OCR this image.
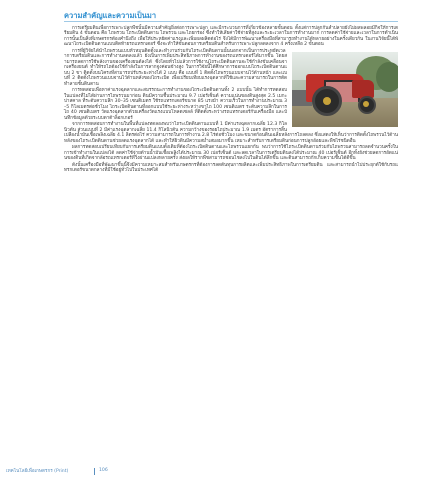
ความสำคัญและความเป็นมา

การเตรียมดินเพื่อการเพาะปลูกพืชนั้นมีความสำคัญยิ่งต่อการเพาะปลูก และมีกระบวนการที่เกี่ยวข้องหลายขั้นตอน ตั้งแต่การปลูกกันลำปลายยังไม่ผลพลอยมีกิจให้การเตรียมดิน 4 ขั้นตอน คือ ไถพรวน ไถระเบิดดินดาน ไถพรวน และไถยกร่อง ซึ่งทำให้เสียค่าใช้จ่ายที่สูงและระยะเวลาในการทำงานมาก การลดค่าใช้จ่ายและเวลาในการดำเนินการนั้นเป็นสิ่งที่เกษตรกรต้องคำนึงถึง เพื่อให้ประหยัดค่าแรงและเพิ่มผลผลิตต่อไร่ จึงได้มีการพัฒนาเครื่องมือที่สามารถทำงานได้หลายอย่างในครั้งเดียวกัน ในงานวิจัยนี้ได้พัฒนาไถระเบิดดินดานแบบติดท้ายรถแทรกเตอร์ ซึ่งจะทำให้ขั้นตอนการเตรียมดินสำหรับการเพาะปลูกลดลงจาก 4 ครั้งเหลือ 2 ขั้นตอน

การที่ผู้วิจัยได้นำไถพรวนแบบหัวหมุนติดตั้งและทำงานร่วมกับไถระเบิดดินดานนั้นนอกจากเป็นการประหยัดเวลาการเตรียมดินและการทำงานลดลงแล้ว ยังเป็นการเพิ่มประสิทธิภาพการทำงานของรถแทรกเตอร์ได้มากขึ้น โดยสามารถลดการใช้พลังงานของเครื่องยนต์ลงได้ ซึ่งโดยทั่วไปแล้วการใช้งานไถระเบิดดินดานจะใช้กำลังขับเคลื่อนจากเครื่องยนต์ ทำให้รถไถต้องใช้กำลังในการลากจูงค่อนข้างสูง ในการวิจัยนี้ได้ศึกษาการออกแบบไถระเบิดดินดานแบบ 2 ขา ติดตั้งบนโครงที่สามารถปรับระยะห่างได้ 2 แบบ คือ แบบที่ 1 ติดตั้งไถพรวนแบบจานไว้ด้านหน้า และแบบที่ 2 ติดตั้งไถพรวนแบบจานไว้ด้านหลังของไถระเบิด เพื่อเปรียบเทียบแรงฉุดลากที่ใช้และความสามารถในการตัดทำลายชั้นดินดาน

การทดสอบเพื่อหาค่าแรงฉุดลากและสมรรถนะการทำงานของไถระเบิดดินดานทั้ง 2 แบบนั้น ได้ทำการทดสอบในแปลงที่ไม่ได้ผ่านการไถพรวนมาก่อน ดินมีความชื้นประมาณ 9.7 เปอร์เซ็นต์ ความแน่นของดินสูงสุด 2.5 เมกะปาสคาล ที่ระดับความลึก 30–35 เซนติเมตร ใช้รถแทรกเตอร์ขนาด 85 แรงม้า ความเร็วในการทำงานประมาณ 3–5 กิโลเมตรต่อชั่วโมง ไถระเบิดดินดานที่ออกแบบใช้ระยะห่างระหว่างขาไถ 100 เซนติเมตร ระดับความลึกในการไถ 40 เซนติเมตร วัดแรงฉุดลากด้วยเครื่องวัดแรงแบบโหลดเซลล์ ที่ติดตั้งระหว่างรถแทรกเตอร์กับเครื่องมือ และบันทึกข้อมูลด้วยระบบดาต้าล็อกเกอร์

จากการทดสอบการทำงานในพื้นที่แปลงทดลองพบว่าไถระเบิดดินดานแบบที่ 1 มีค่าแรงฉุดลากเฉลี่ย 12.3 กิโลนิวตัน ส่วนแบบที่ 2 มีค่าแรงฉุดลากเฉลี่ย 11.4 กิโลนิวตัน ความกว้างของรอยไถประมาณ 1.9 เมตร อัตราการสิ้นเปลืองน้ำมันเชื้อเพลิงเฉลี่ย 4.1 ลิตรต่อไร่ ความสามารถในการทำงาน 2.8 ไร่ต่อชั่วโมง และขนาดก้อนดินเฉลี่ยหลังการไถลดลง ซึ่งแสดงให้เห็นว่าการติดตั้งไถพรวนไว้ด้านหลังของไถระเบิดดินดานช่วยลดแรงฉุดลากได้ และทำให้ผิวดินมีความสม่ำเสมอมากขึ้น เหมาะสำหรับการเตรียมดินก่อนการปลูกอ้อยและพืชไร่ชนิดอื่น

ผลการทดสอบเปรียบเทียบกับการเตรียมดินแบบดั้งเดิมที่ต้องไถระเบิดดินดานและไถพรวนแยกกัน พบว่าการใช้ไถระเบิดดินดานร่วมกับไถพรวนสามารถลดจำนวนครั้งในการเข้าทำงานในแปลงได้ ลดค่าใช้จ่ายด้านน้ำมันเชื้อเพลิงได้ประมาณ 30 เปอร์เซ็นต์ และลดเวลาในการเตรียมดินลงได้ประมาณ 40 เปอร์เซ็นต์ อีกทั้งยังช่วยลดการอัดแน่นของดินที่เกิดจากล้อรถแทรกเตอร์ที่วิ่งผ่านแปลงหลายครั้ง ส่งผลให้รากพืชสามารถชอนไชลงไปในดินได้ลึกขึ้น และดินสามารถกักเก็บความชื้นได้ดีขึ้น

ดังนั้นเครื่องมือที่พัฒนาขึ้นนี้จึงมีความเหมาะสมสำหรับเกษตรกรที่ต้องการลดต้นทุนการผลิตและเพิ่มประสิทธิภาพในการเตรียมดิน และสามารถนำไปประยุกต์ใช้กับรถแทรกเตอร์ขนาดกลางที่มีใช้อยู่ทั่วไปในประเทศได้

เทคโนโลยีเพื่อเกษตรกร (Print)	106
